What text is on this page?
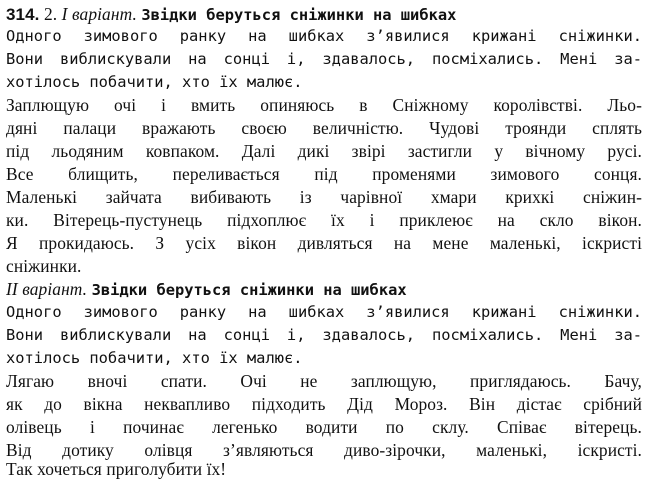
314. 2. І варіант. Звідки беруться сніжинки на шибках
Одного зимового ранку на шибках з’явилися крижані сніжинки.
Вони виблискували на сонці і, здавалось, посміхались. Мені за-
хотілось побачити, хто їх малює.
Заплющую очі і вмить опиняюсь в Сніжному королівстві. Льо-
дяні палаци вражають своєю величністю. Чудові троянди сплять
під льодяним ковпаком. Далі дикі звірі застигли у вічному русі.
Все блищить, переливається під променями зимового сонця.
Маленькі зайчата вибивають із чарівної хмари крихкі сніжин-
ки. Вітерець-пустунець підхоплює їх і приклеює на скло вікон.
Я прокидаюсь. З усіх вікон дивляться на мене маленькі, іскристі
сніжинки.
ІІ варіант. Звідки беруться сніжинки на шибках
Одного зимового ранку на шибках з’явилися крижані сніжинки.
Вони виблискували на сонці і, здавалось, посміхались. Мені за-
хотілось побачити, хто їх малює.
Лягаю вночі спати. Очі не заплющую, приглядаюсь. Бачу,
як до вікна неквапливо підходить Дід Мороз. Він дістає срібний
олівець і починає легенько водити по склу. Співає вітерець.
Від дотику олівця з’являються диво-зірочки, маленькі, іскристі.
Так хочеться приголубити їх!
